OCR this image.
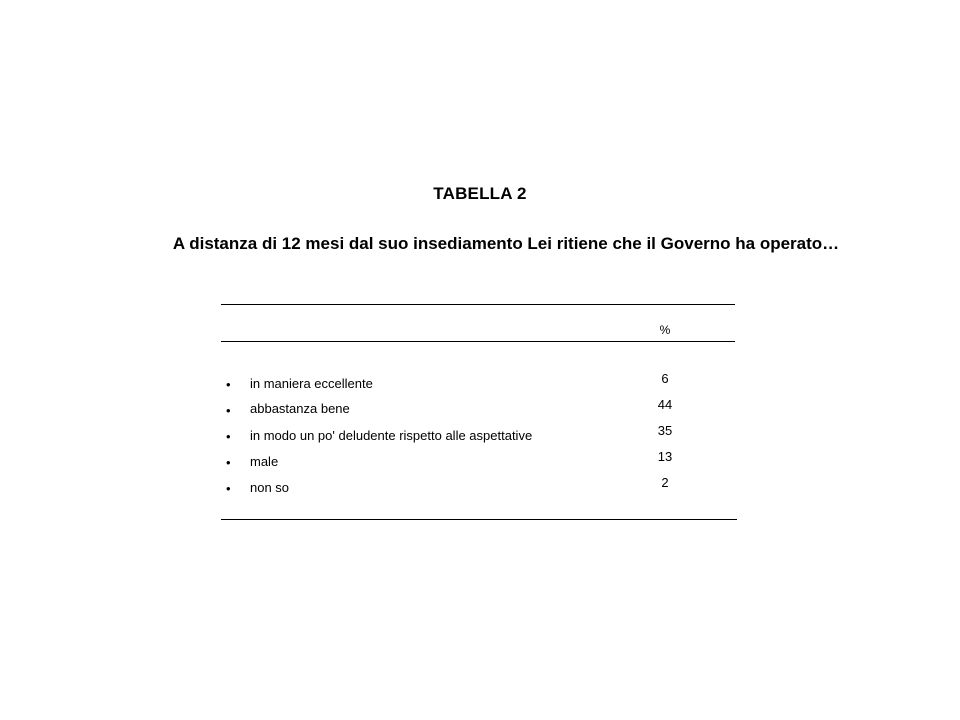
TABELLA 2
A distanza di 12 mesi dal suo insediamento Lei ritiene che il Governo ha operato…
%
• in maniera eccellente	6
• abbastanza bene	44
• in modo un po' deludente rispetto alle aspettative	35
• male	13
• non so	2
